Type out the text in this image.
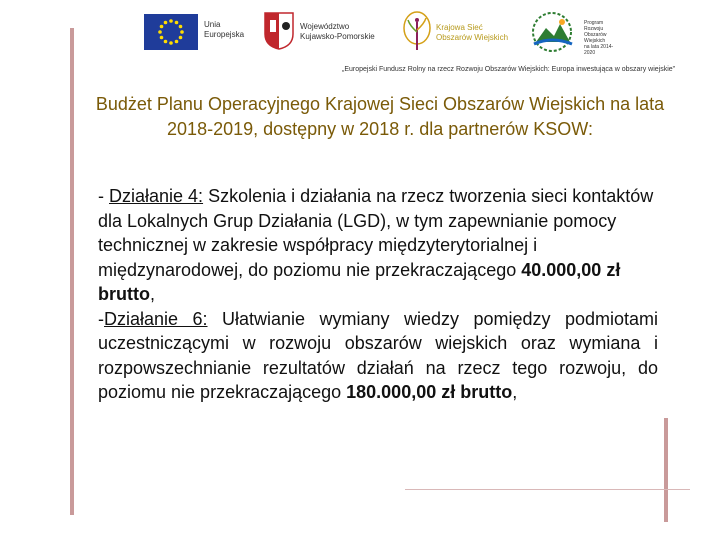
Unia
Europejska
Województwo
Kujawsko-Pomorskie
Krajowa Sieć
Obszarów Wiejskich
Program
Rozwoju
Obszarów
Wiejskich
na lata 2014-2020
„Europejski Fundusz Rolny na rzecz Rozwoju Obszarów Wiejskich: Europa inwestująca w obszary wiejskie”
Budżet Planu Operacyjnego Krajowej Sieci Obszarów Wiejskich na lata 2018-2019, dostępny w 2018 r. dla partnerów KSOW:

- Działanie 4: Szkolenia i działania na rzecz tworzenia sieci kontaktów dla Lokalnych Grup Działania (LGD), w tym zapewnianie pomocy technicznej w zakresie współpracy międzyterytorialnej i międzynarodowej, do poziomu nie przekraczającego 40.000,00 zł brutto,

-Działanie 6: Ułatwianie wymiany wiedzy pomiędzy podmiotami uczestniczącymi w rozwoju obszarów wiejskich oraz wymiana i rozpowszechnianie rezultatów działań na rzecz tego rozwoju, do poziomu nie przekraczającego 180.000,00 zł brutto,
